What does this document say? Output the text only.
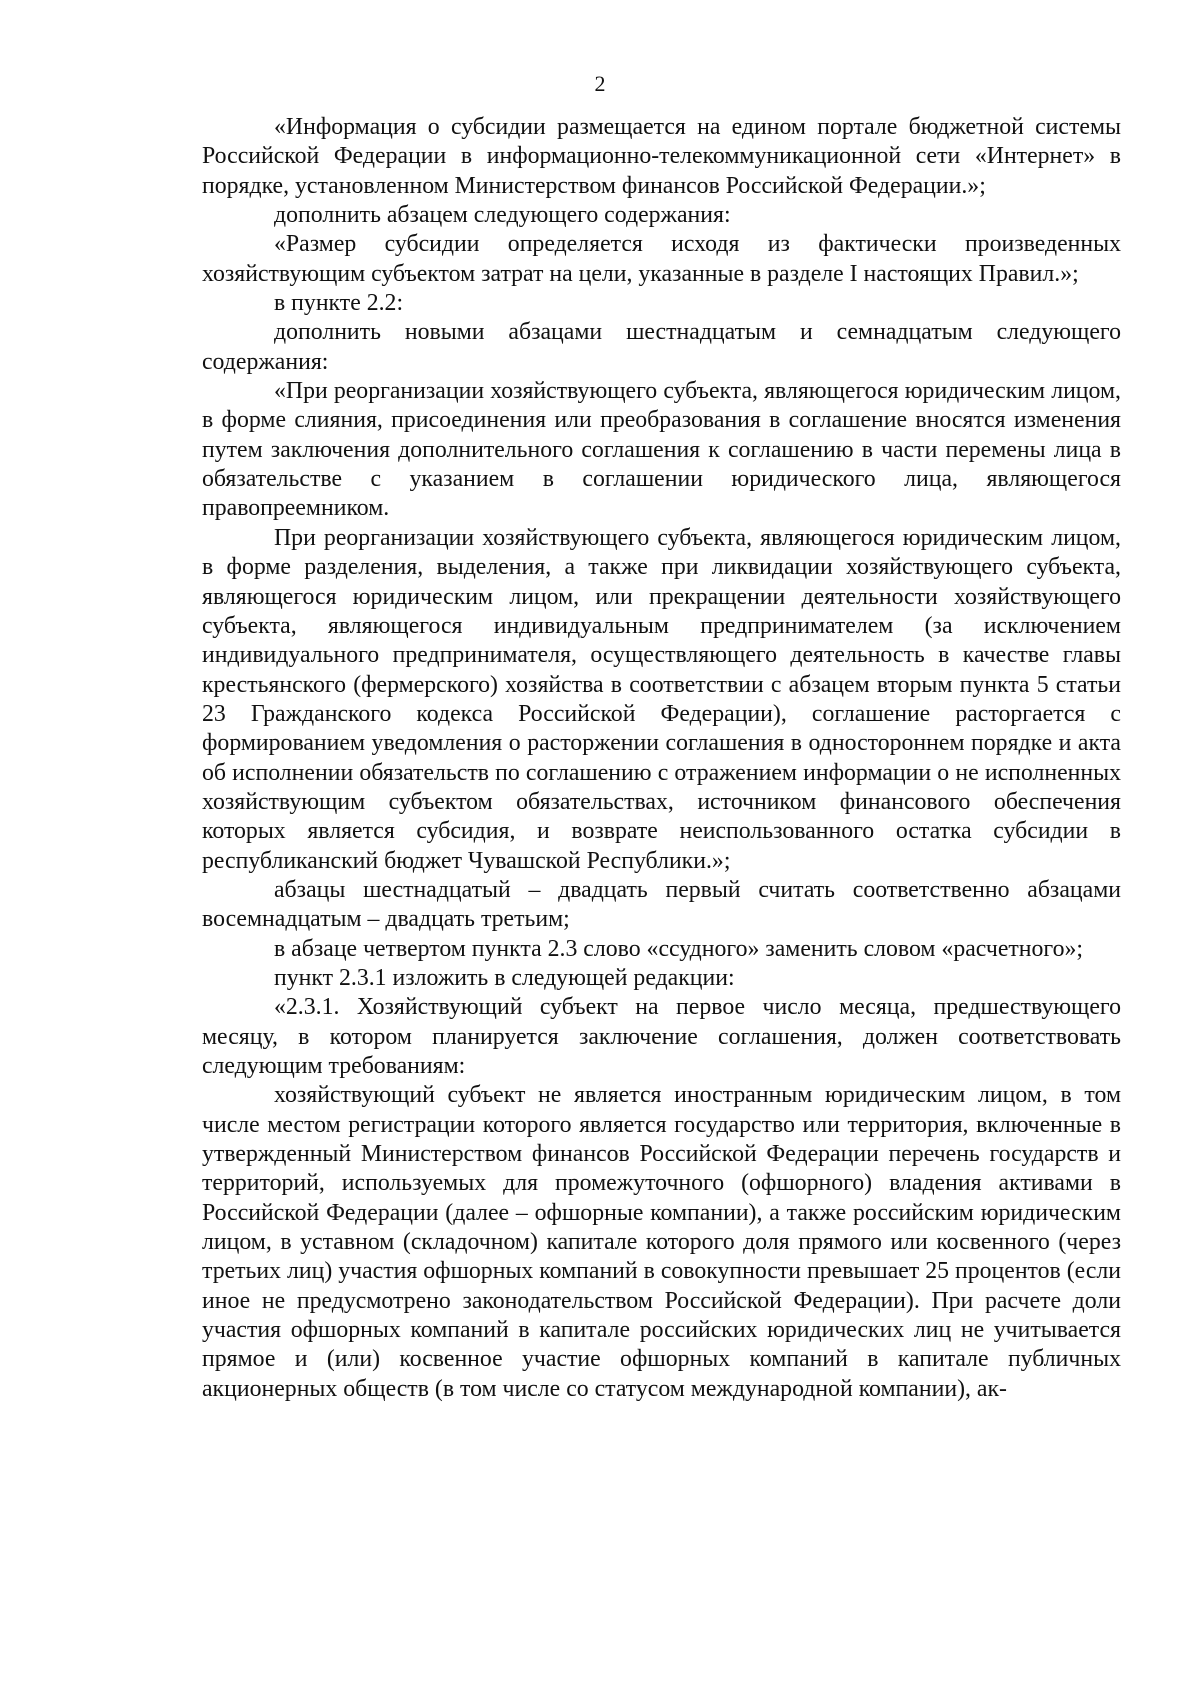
2

«Информация о субсидии размещается на едином портале бюджетной системы Российской Федерации в информационно-телекоммуникационной сети «Интернет» в порядке, установленном Министерством финансов Российской Федерации.»;

дополнить абзацем следующего содержания:

«Размер субсидии определяется исходя из фактически произведенных хозяйствующим субъектом затрат на цели, указанные в разделе I настоящих Правил.»;

в пункте 2.2:

дополнить новыми абзацами шестнадцатым и семнадцатым следующего содержания:

«При реорганизации хозяйствующего субъекта, являющегося юридическим лицом, в форме слияния, присоединения или преобразования в соглашение вносятся изменения путем заключения дополнительного соглашения к соглашению в части перемены лица в обязательстве с указанием в соглашении юридического лица, являющегося правопреемником.

При реорганизации хозяйствующего субъекта, являющегося юридическим лицом, в форме разделения, выделения, а также при ликвидации хозяйствующего субъекта, являющегося юридическим лицом, или прекращении деятельности хозяйствующего субъекта, являющегося индивидуальным предпринимателем (за исключением индивидуального предпринимателя, осуществляющего деятельность в качестве главы крестьянского (фермерского) хозяйства в соответствии с абзацем вторым пункта 5 статьи 23 Гражданского кодекса Российской Федерации), соглашение расторгается с формированием уведомления о расторжении соглашения в одностороннем порядке и акта об исполнении обязательств по соглашению с отражением информации о не исполненных хозяйствующим субъектом обязательствах, источником финансового обеспечения которых является субсидия, и возврате неиспользованного остатка субсидии в республиканский бюджет Чувашской Республики.»;

абзацы шестнадцатый – двадцать первый считать соответственно абзацами восемнадцатым – двадцать третьим;

в абзаце четвертом пункта 2.3 слово «ссудного» заменить словом «расчетного»;

пункт 2.3.1 изложить в следующей редакции:

«2.3.1. Хозяйствующий субъект на первое число месяца, предшествующего месяцу, в котором планируется заключение соглашения, должен соответствовать следующим требованиям:

хозяйствующий субъект не является иностранным юридическим лицом, в том числе местом регистрации которого является государство или территория, включенные в утвержденный Министерством финансов Российской Федерации перечень государств и территорий, используемых для промежуточного (офшорного) владения активами в Российской Федерации (далее – офшорные компании), а также российским юридическим лицом, в уставном (складочном) капитале которого доля прямого или косвенного (через третьих лиц) участия офшорных компаний в совокупности превышает 25 процентов (если иное не предусмотрено законодательством Российской Федерации). При расчете доли участия офшорных компаний в капитале российских юридических лиц не учитывается прямое и (или) косвенное участие офшорных компаний в капитале публичных акционерных обществ (в том числе со статусом международной компании), ак-
